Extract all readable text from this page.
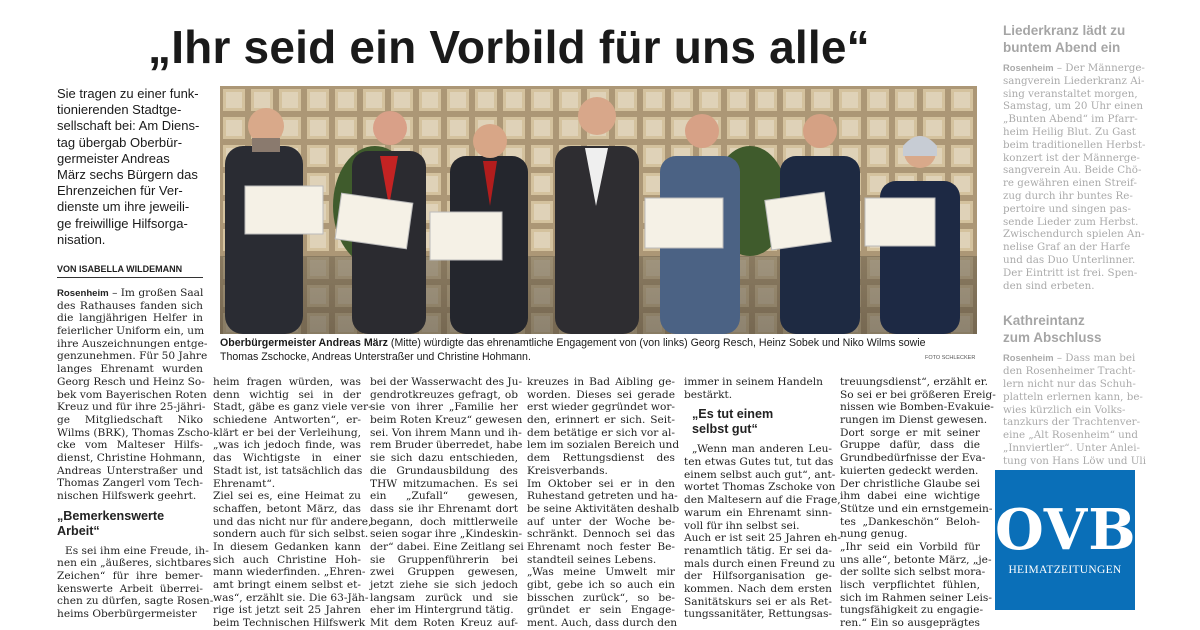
„Ihr seid ein Vorbild für uns alle“
Sie tragen zu einer funk-
tionierenden Stadtge-
sellschaft bei: Am Diens-
tag übergab Oberbür-
germeister Andreas
März sechs Bürgern das
Ehrenzeichen für Ver-
dienste um ihre jeweili-
ge freiwillige Hilfsorga-
nisation.
VON ISABELLA WILDEMANN
Oberbürgermeister Andreas März (Mitte) würdigte das ehrenamtliche Engagement von (von links) Georg Resch, Heinz Sobek und Niko Wilms sowie
Thomas Zschocke, Andreas Unterstraßer und Christine Hohmann.	FOTO SCHLECKER
Rosenheim – Im großen Saal
des Rathauses fanden sich
die langjährigen Helfer in
feierlicher Uniform ein, um
ihre Auszeichnungen entge-
genzunehmen. Für 50 Jahre
langes Ehrenamt wurden
Georg Resch und Heinz So-
bek vom Bayerischen Roten
Kreuz und für ihre 25-jähri-
ge Mitgliedschaft Niko
Wilms (BRK), Thomas Zscho-
cke vom Malteser Hilfs-
dienst, Christine Hohmann,
Andreas Unterstraßer und
Thomas Zangerl vom Tech-
nischen Hilfswerk geehrt.
„Bemerkenswerte
Arbeit“
Es sei ihm eine Freude, ih-
nen ein „äußeres, sichtbares
Zeichen“ für ihre bemer-
kenswerte Arbeit überrei-
chen zu dürfen, sagte Rosen-
heims Oberbürgermeister
heim fragen würden, was
denn wichtig sei in der
Stadt, gäbe es ganz viele ver-
schiedene Antworten“, er-
klärt er bei der Verleihung,
„was ich jedoch finde, was
das Wichtigste in einer
Stadt ist, ist tatsächlich das
Ehrenamt“.
Ziel sei es, eine Heimat zu
schaffen, betont März, das
und das nicht nur für andere,
sondern auch für sich selbst.
In diesem Gedanken kann
sich auch Christine Hoh-
mann wiederfinden. „Ehren-
amt bringt einem selbst et-
was“, erzählt sie. Die 63-Jäh-
rige ist jetzt seit 25 Jahren
beim Technischen Hilfswerk
bei der Wasserwacht des Ju-
gendrotkreuzes gefragt, ob
sie von ihrer „Familie her
beim Roten Kreuz“ gewesen
sei. Von ihrem Mann und ih-
rem Bruder überredet, habe
sie sich dazu entschieden,
die Grundausbildung des
THW mitzumachen. Es sei
ein „Zufall“ gewesen,
dass sie ihr Ehrenamt dort
begann, doch mittlerweile
seien sogar ihre „Kindeskin-
der“ dabei. Eine Zeitlang sei
sie Gruppenführerin bei
zwei Gruppen gewesen,
jetzt ziehe sie sich jedoch
langsam zurück und sie
eher im Hintergrund tätig.
Mit dem Roten Kreuz auf-
kreuzes in Bad Aibling ge-
worden. Dieses sei gerade
erst wieder gegründet wor-
den, erinnert er sich. Seit-
dem betätige er sich vor al-
lem im sozialen Bereich und
dem Rettungsdienst des
Kreisverbands.
Im Oktober sei er in den
Ruhestand getreten und ha-
be seine Aktivitäten deshalb
auf unter der Woche be-
schränkt. Dennoch sei das
Ehrenamt noch fester Be-
standteil seines Lebens.
„Was meine Umwelt mir
gibt, gebe ich so auch ein
bisschen zurück“, so be-
gründet er sein Engage-
ment. Auch, dass durch den
immer in seinem Handeln
bestärkt.
„Es tut einem
selbst gut“
„Wenn man anderen Leu-
ten etwas Gutes tut, tut das
einem selbst auch gut“, ant-
wortet Thomas Zschoke von
den Maltesern auf die Frage,
warum ein Ehrenamt sinn-
voll für ihn selbst sei.
Auch er ist seit 25 Jahren eh-
renamtlich tätig. Er sei da-
mals durch einen Freund zu
der Hilfsorganisation ge-
kommen. Nach dem ersten
Sanitätskurs sei er als Ret-
tungssanitäter, Rettungsas-
treuungsdienst“, erzählt er.
So sei er bei größeren Ereig-
nissen wie Bomben-Evakuie-
rungen im Dienst gewesen.
Dort sorge er mit seiner
Gruppe dafür, dass die
Grundbedürfnisse der Eva-
kuierten gedeckt werden.
Der christliche Glaube sei
ihm dabei eine wichtige
Stütze und ein ernstgemein-
tes „Dankeschön“ Beloh-
nung genug.
„Ihr seid ein Vorbild für
uns alle“, betonte März, „je-
der sollte sich selbst mora-
lisch verpflichtet fühlen,
sich im Rahmen seiner Leis-
tungsfähigkeit zu engagie-
ren.“ Ein so ausgeprägtes
Liederkranz lädt zu
buntem Abend ein
Rosenheim – Der Männerge-
sangverein Liederkranz Ai-
sing veranstaltet morgen,
Samstag, um 20 Uhr einen
„Bunten Abend“ im Pfarr-
heim Heilig Blut. Zu Gast
beim traditionellen Herbst-
konzert ist der Männerge-
sangverein Au. Beide Chö-
re gewähren einen Streif-
zug durch ihr buntes Re-
pertoire und singen pas-
sende Lieder zum Herbst.
Zwischendurch spielen An-
nelise Graf an der Harfe
und das Duo Unterlinner.
Der Eintritt ist frei. Spen-
den sind erbeten.
Kathreintanz
zum Abschluss
Rosenheim – Dass man bei
den Rosenheimer Tracht-
lern nicht nur das Schuh-
platteln erlernen kann, be-
wies kürzlich ein Volks-
tanzkurs der Trachtenver-
eine „Alt Rosenheim“ und
„Innviertler“. Unter Anlei-
tung von Hans Löw und Uli
OVB
HEIMATZEITUNGEN
